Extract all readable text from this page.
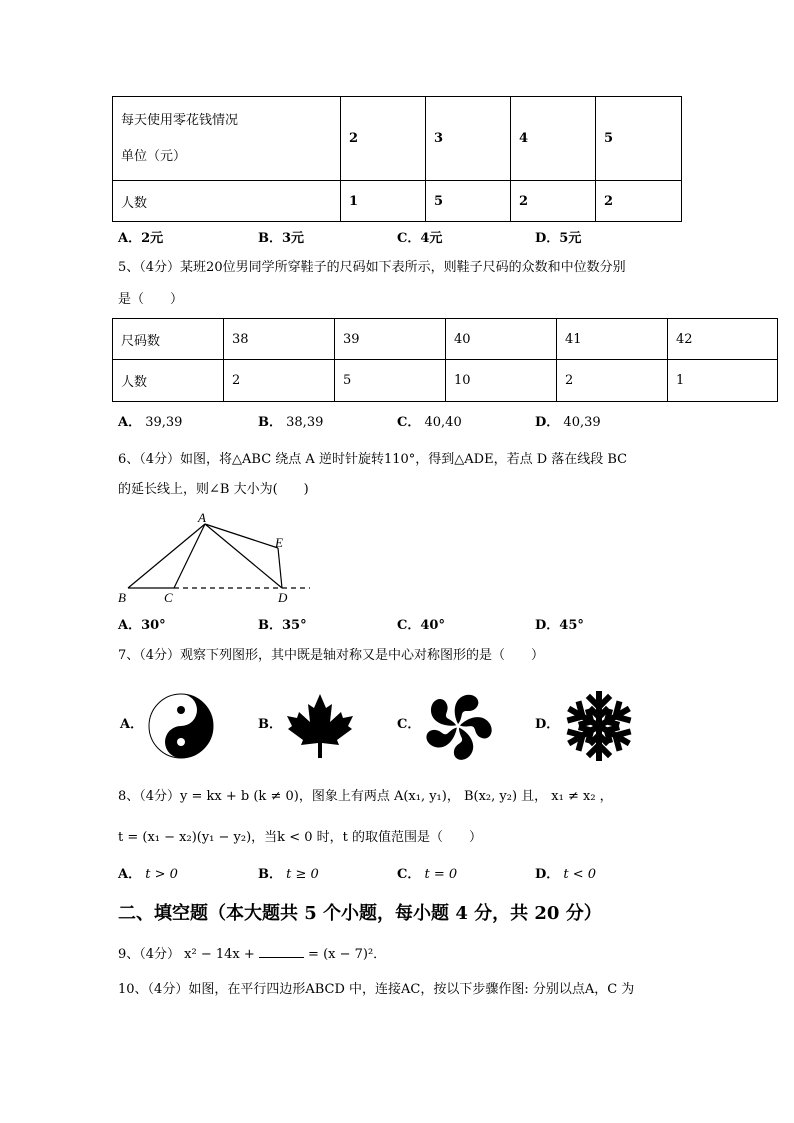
每天使用零花钱情况
单位（元）	2	3	4	5
人数	1	5	2	2
A．2元	B．3元	C．4元	D．5元
5、（4分）某班20位男同学所穿鞋子的尺码如下表所示，则鞋子尺码的众数和中位数分别
是（　　）
尺码数	38	39	40	41	42
人数	2	5	10	2	1
A． 39,39	B． 38,39	C． 40,40	D． 40,39
6、（4分）如图，将△ABC 绕点 A 逆时针旋转110°，得到△ADE，若点 D 落在线段 BC
的延长线上，则∠B 大小为(　　)
A
B	C	D
E
A．30°	B．35°	C．40°	D．45°
7、（4分）观察下列图形，其中既是轴对称又是中心对称图形的是（　　）
A．	B．	C．	D．
8、（4分）y = kx + b (k ≠ 0)，图象上有两点 A(x₁, y₁)， B(x₂, y₂) 且， x₁ ≠ x₂ ，
t = (x₁ − x₂)(y₁ − y₂)，当k < 0 时，t 的取值范围是（　　）
A． t > 0	B． t ≥ 0	C． t = 0	D． t < 0
二、填空题（本大题共 5 个小题，每小题 4 分，共 20 分）
9、（4分） x² − 14x +	= (x − 7)²．
10、（4分）如图，在平行四边形ABCD 中，连接AC，按以下步骤作图: 分别以点A，C 为
